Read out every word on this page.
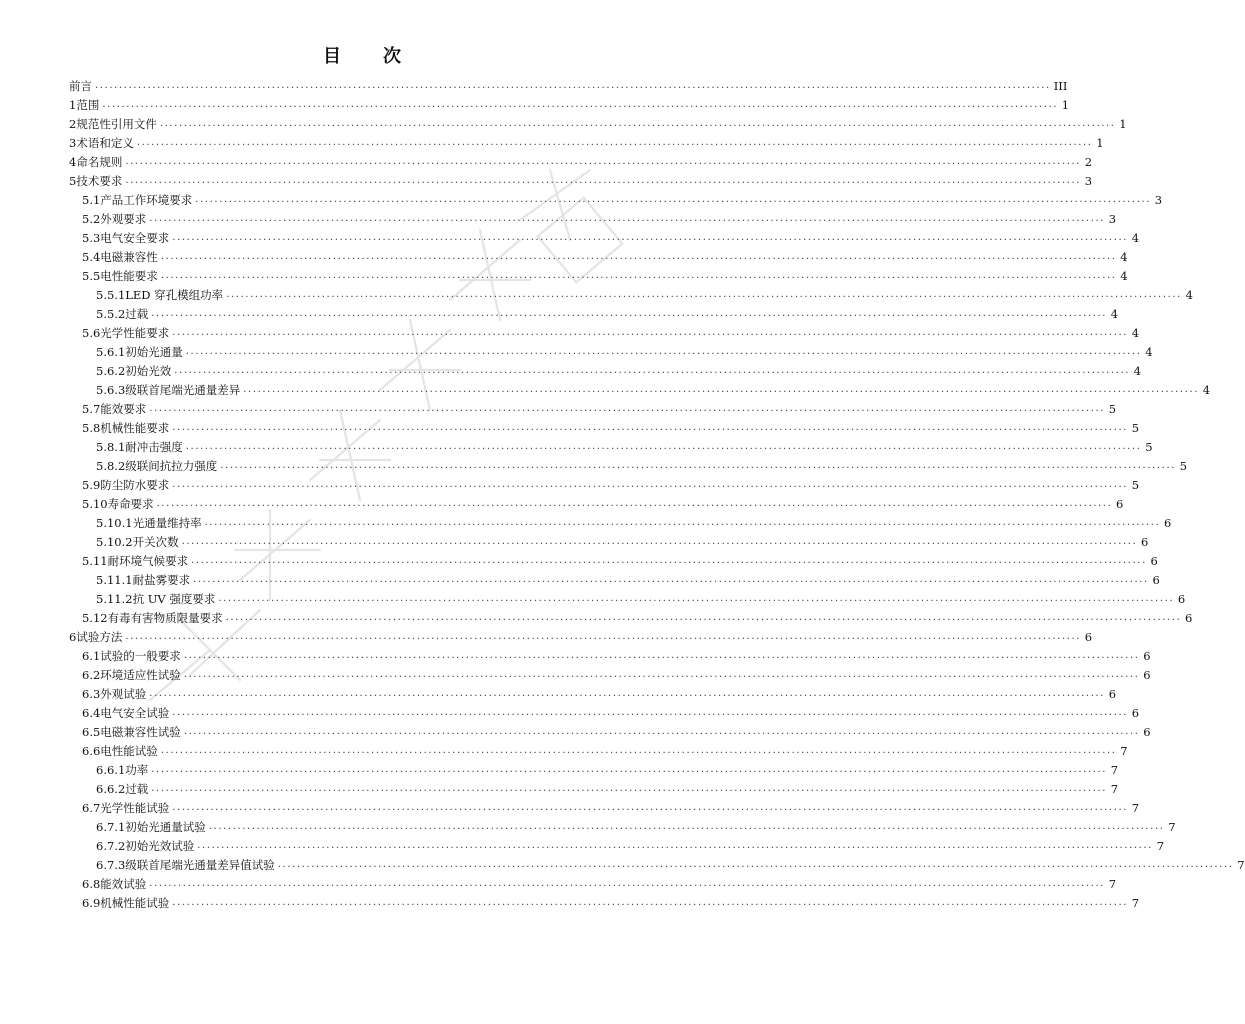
目 次
前言 ........................................................................................................................................................................................................ III
1 范围 ........................................................................................................................................................................................................ 1
2 规范性引用文件 ........................................................................................................................................................................................................ 1
3 术语和定义 ........................................................................................................................................................................................................ 1
4 命名规则 ........................................................................................................................................................................................................ 2
5 技术要求 ........................................................................................................................................................................................................ 3
5.1 产品工作环境要求 ........................................................................................................................................................................................................ 3
5.2 外观要求 ........................................................................................................................................................................................................ 3
5.3 电气安全要求 ........................................................................................................................................................................................................ 4
5.4 电磁兼容性 ........................................................................................................................................................................................................ 4
5.5 电性能要求 ........................................................................................................................................................................................................ 4
5.5.1 LED 穿孔模组功率 ........................................................................................................................................................................................................ 4
5.5.2 过载 ........................................................................................................................................................................................................ 4
5.6 光学性能要求 ........................................................................................................................................................................................................ 4
5.6.1 初始光通量 ........................................................................................................................................................................................................ 4
5.6.2 初始光效 ........................................................................................................................................................................................................ 4
5.6.3 级联首尾端光通量差异 ........................................................................................................................................................................................................ 4
5.7 能效要求 ........................................................................................................................................................................................................ 5
5.8 机械性能要求 ........................................................................................................................................................................................................ 5
5.8.1 耐冲击强度 ........................................................................................................................................................................................................ 5
5.8.2 级联间抗拉力强度 ........................................................................................................................................................................................................ 5
5.9 防尘防水要求 ........................................................................................................................................................................................................ 5
5.10 寿命要求 ........................................................................................................................................................................................................ 6
5.10.1 光通量维持率 ........................................................................................................................................................................................................ 6
5.10.2 开关次数 ........................................................................................................................................................................................................ 6
5.11 耐环境气候要求 ........................................................................................................................................................................................................ 6
5.11.1 耐盐雾要求 ........................................................................................................................................................................................................ 6
5.11.2 抗 UV 强度要求 ........................................................................................................................................................................................................ 6
5.12 有毒有害物质限量要求 ........................................................................................................................................................................................................ 6
6 试验方法 ........................................................................................................................................................................................................ 6
6.1 试验的一般要求 ........................................................................................................................................................................................................ 6
6.2 环境适应性试验 ........................................................................................................................................................................................................ 6
6.3 外观试验 ........................................................................................................................................................................................................ 6
6.4 电气安全试验 ........................................................................................................................................................................................................ 6
6.5 电磁兼容性试验 ........................................................................................................................................................................................................ 6
6.6 电性能试验 ........................................................................................................................................................................................................ 7
6.6.1 功率 ........................................................................................................................................................................................................ 7
6.6.2 过载 ........................................................................................................................................................................................................ 7
6.7 光学性能试验 ........................................................................................................................................................................................................ 7
6.7.1 初始光通量试验 ........................................................................................................................................................................................................ 7
6.7.2 初始光效试验 ........................................................................................................................................................................................................ 7
6.7.3 级联首尾端光通量差异值试验 ........................................................................................................................................................................................................ 7
6.8 能效试验 ........................................................................................................................................................................................................ 7
6.9 机械性能试验 ........................................................................................................................................................................................................ 7
